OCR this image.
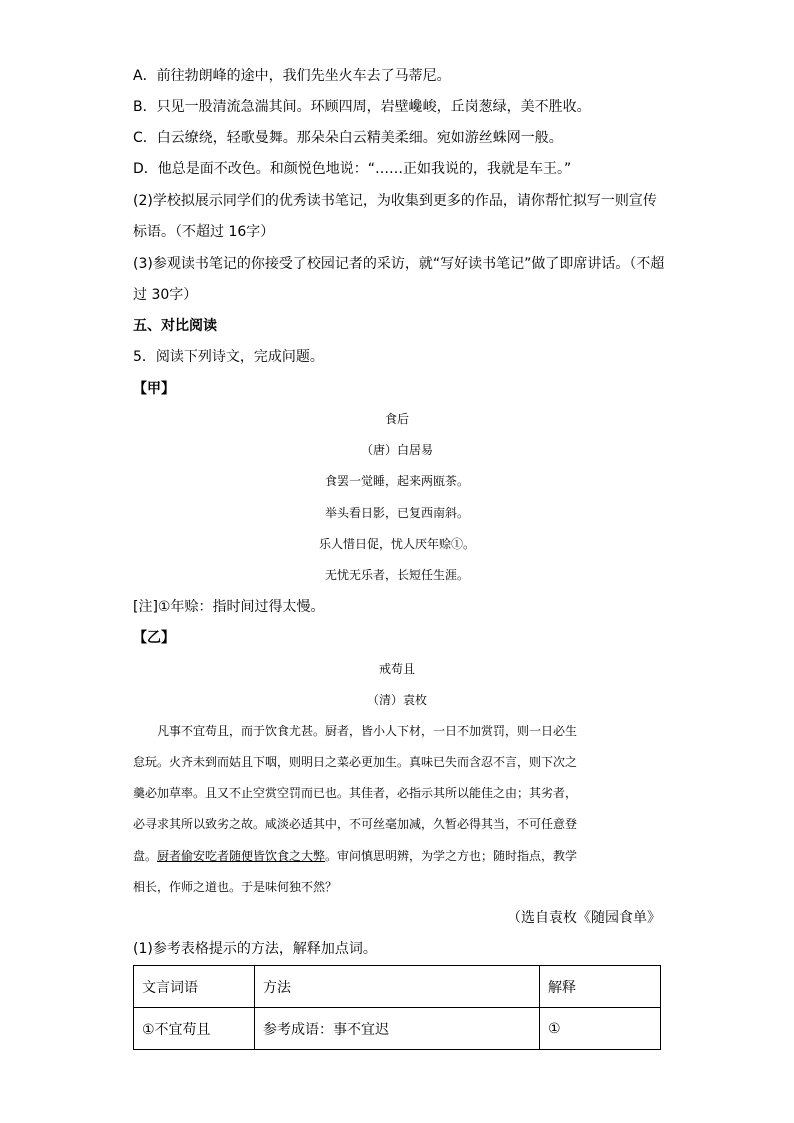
A．前往勃朗峰的途中，我们先坐火车去了马蒂尼。
B．只见一股清流急湍其间。环顾四周，岩壁巉峻，丘岗葱绿，美不胜收。
C．白云缭绕，轻歌曼舞。那朵朵白云精美柔细。宛如游丝蛛网一般。
D．他总是面不改色。和颜悦色地说：“……正如我说的，我就是车王。”
(2)学校拟展示同学们的优秀读书笔记，为收集到更多的作品，请你帮忙拟写一则宣传
标语。（不超过 16字）
(3)参观读书笔记的你接受了校园记者的采访，就“写好读书笔记”做了即席讲话。（不超
过 30字）
五、对比阅读
5．阅读下列诗文，完成问题。
【甲】
食后
（唐）白居易
食罢一觉睡，起来两瓯茶。
举头看日影，已复西南斜。
乐人惜日促，忧人厌年赊①。
无忧无乐者，长短任生涯。
[注]①年赊：指时间过得太慢。
【乙】
戒苟且
（清）袁枚
　　凡事不宜苟且，而于饮食尤甚。厨者，皆小人下材，一日不加赏罚，则一日必生
怠玩。火齐未到而姑且下咽，则明日之菜必更加生。真味已失而含忍不言，则下次之
羹必加草率。且又不止空赏空罚而已也。其佳者，必指示其所以能佳之由；其劣者，
必寻求其所以致劣之故。咸淡必适其中，不可丝毫加减，久暂必得其当，不可任意登
盘。厨者偷安吃者随便皆饮食之大弊。审问慎思明辨，为学之方也；随时指点，教学
相长，作师之道也。于是味何独不然？
（选自袁枚《随园食单》
(1)参考表格提示的方法，解释加点词。
文言词语	方法	解释
①不宜苟且	参考成语：事不宜迟	①
